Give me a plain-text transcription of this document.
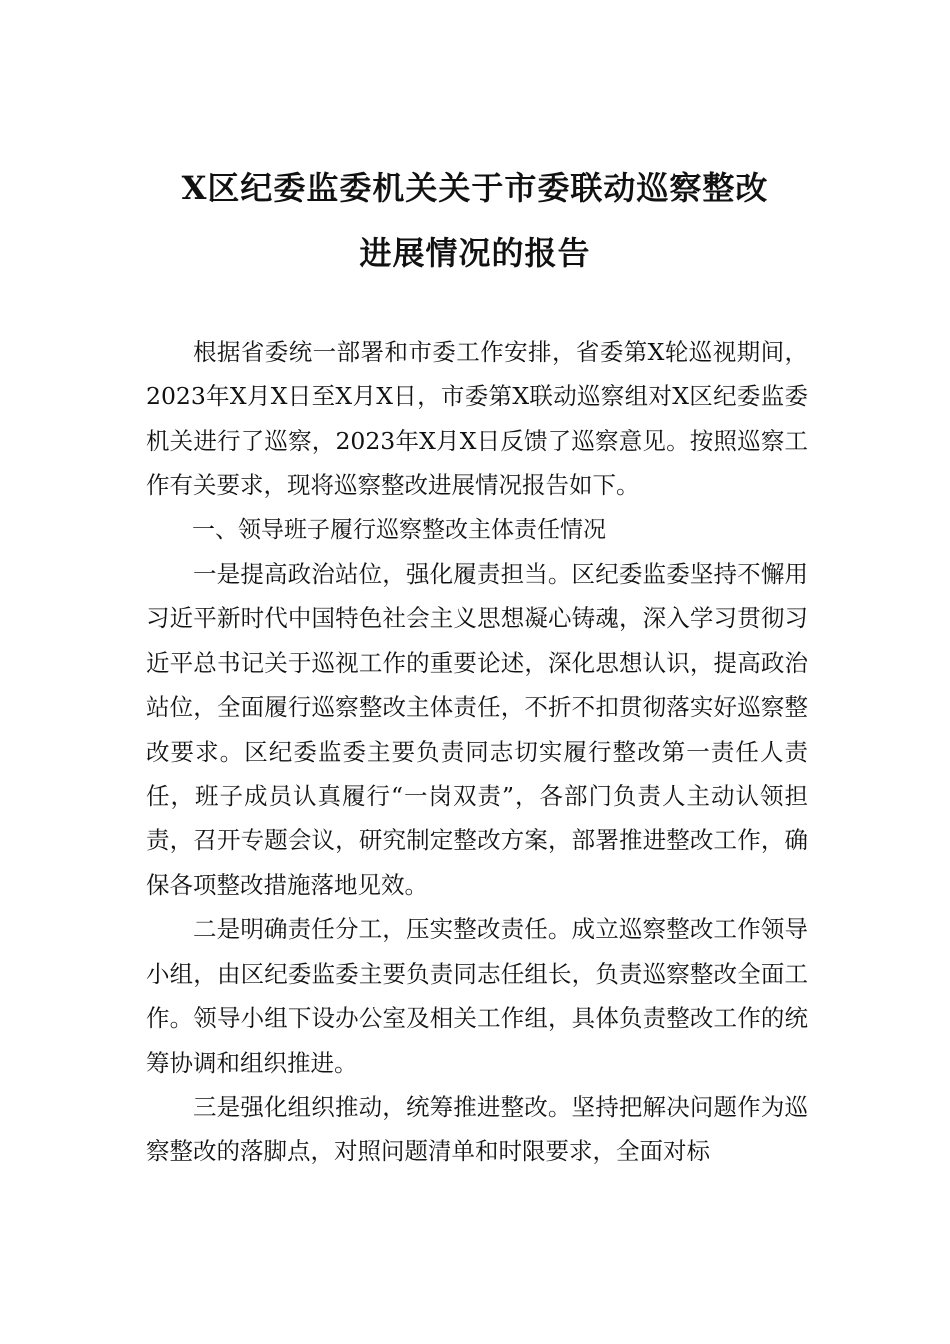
X区纪委监委机关关于市委联动巡察整改
进展情况的报告

根据省委统一部署和市委工作安排，省委第X轮巡视期间，2023年X月X日至X月X日，市委第X联动巡察组对X区纪委监委机关进行了巡察，2023年X月X日反馈了巡察意见。按照巡察工作有关要求，现将巡察整改进展情况报告如下。

一、领导班子履行巡察整改主体责任情况

一是提高政治站位，强化履责担当。区纪委监委坚持不懈用习近平新时代中国特色社会主义思想凝心铸魂，深入学习贯彻习近平总书记关于巡视工作的重要论述，深化思想认识，提高政治站位，全面履行巡察整改主体责任，不折不扣贯彻落实好巡察整改要求。区纪委监委主要负责同志切实履行整改第一责任人责任，班子成员认真履行“一岗双责”，各部门负责人主动认领担责，召开专题会议，研究制定整改方案，部署推进整改工作，确保各项整改措施落地见效。

二是明确责任分工，压实整改责任。成立巡察整改工作领导小组，由区纪委监委主要负责同志任组长，负责巡察整改全面工作。领导小组下设办公室及相关工作组，具体负责整改工作的统筹协调和组织推进。

三是强化组织推动，统筹推进整改。坚持把解决问题作为巡察整改的落脚点，对照问题清单和时限要求，全面对标
